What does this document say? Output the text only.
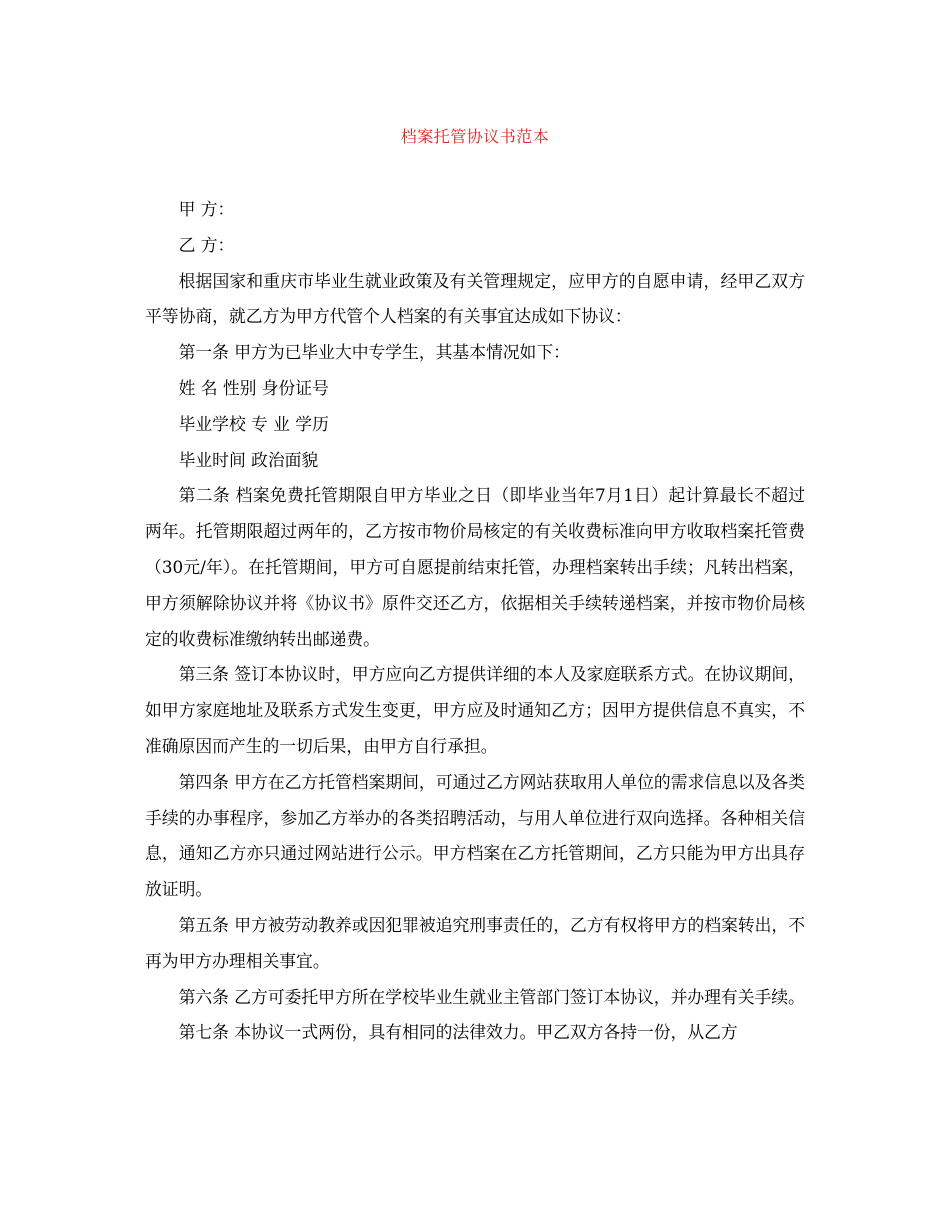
档案托管协议书范本

甲 方：

乙 方：

根据国家和重庆市毕业生就业政策及有关管理规定，应甲方的自愿申请，经甲乙双方平等协商，就乙方为甲方代管个人档案的有关事宜达成如下协议：

第一条 甲方为已毕业大中专学生，其基本情况如下：

姓 名 性别 身份证号

毕业学校 专 业 学历

毕业时间 政治面貌

第二条 档案免费托管期限自甲方毕业之日（即毕业当年7月1日）起计算最长不超过两年。托管期限超过两年的，乙方按市物价局核定的有关收费标准向甲方收取档案托管费（30元/年）。在托管期间，甲方可自愿提前结束托管，办理档案转出手续；凡转出档案，甲方须解除协议并将《协议书》原件交还乙方，依据相关手续转递档案，并按市物价局核定的收费标准缴纳转出邮递费。

第三条 签订本协议时，甲方应向乙方提供详细的本人及家庭联系方式。在协议期间，如甲方家庭地址及联系方式发生变更，甲方应及时通知乙方；因甲方提供信息不真实，不准确原因而产生的一切后果，由甲方自行承担。

第四条 甲方在乙方托管档案期间，可通过乙方网站获取用人单位的需求信息以及各类手续的办事程序，参加乙方举办的各类招聘活动，与用人单位进行双向选择。各种相关信息，通知乙方亦只通过网站进行公示。甲方档案在乙方托管期间，乙方只能为甲方出具存放证明。

第五条 甲方被劳动教养或因犯罪被追究刑事责任的，乙方有权将甲方的档案转出，不再为甲方办理相关事宜。

第六条 乙方可委托甲方所在学校毕业生就业主管部门签订本协议，并办理有关手续。

第七条 本协议一式两份，具有相同的法律效力。甲乙双方各持一份，从乙方
